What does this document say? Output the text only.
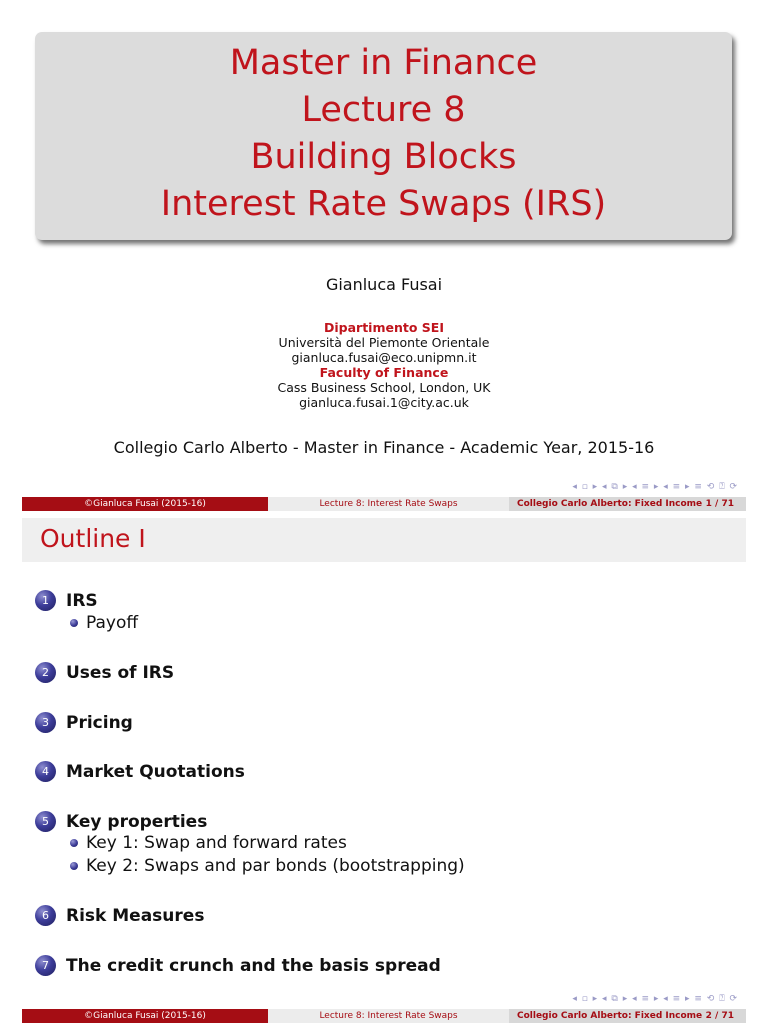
Master in Finance
Lecture 8
Building Blocks
Interest Rate Swaps (IRS)
Gianluca Fusai
Dipartimento SEI
Università del Piemonte Orientale
gianluca.fusai@eco.unipmn.it
Faculty of Finance
Cass Business School, London, UK
gianluca.fusai.1@city.ac.uk
Collegio Carlo Alberto - Master in Finance - Academic Year, 2015-16
◂ ▫ ▸ ◂ ⧉ ▸ ◂ ≡ ▸ ◂ ≡ ▸ ≡ ⟲ ⍰ ⟳
©Gianluca Fusai (2015-16)	Lecture 8: Interest Rate Swaps	Collegio Carlo Alberto: Fixed Income 1 / 71
Outline I
1	IRS
Payoff
2	Uses of IRS
3	Pricing
4	Market Quotations
5	Key properties
Key 1: Swap and forward rates
Key 2: Swaps and par bonds (bootstrapping)
6	Risk Measures
7	The credit crunch and the basis spread
◂ ▫ ▸ ◂ ⧉ ▸ ◂ ≡ ▸ ◂ ≡ ▸ ≡ ⟲ ⍰ ⟳
©Gianluca Fusai (2015-16)	Lecture 8: Interest Rate Swaps	Collegio Carlo Alberto: Fixed Income 2 / 71
